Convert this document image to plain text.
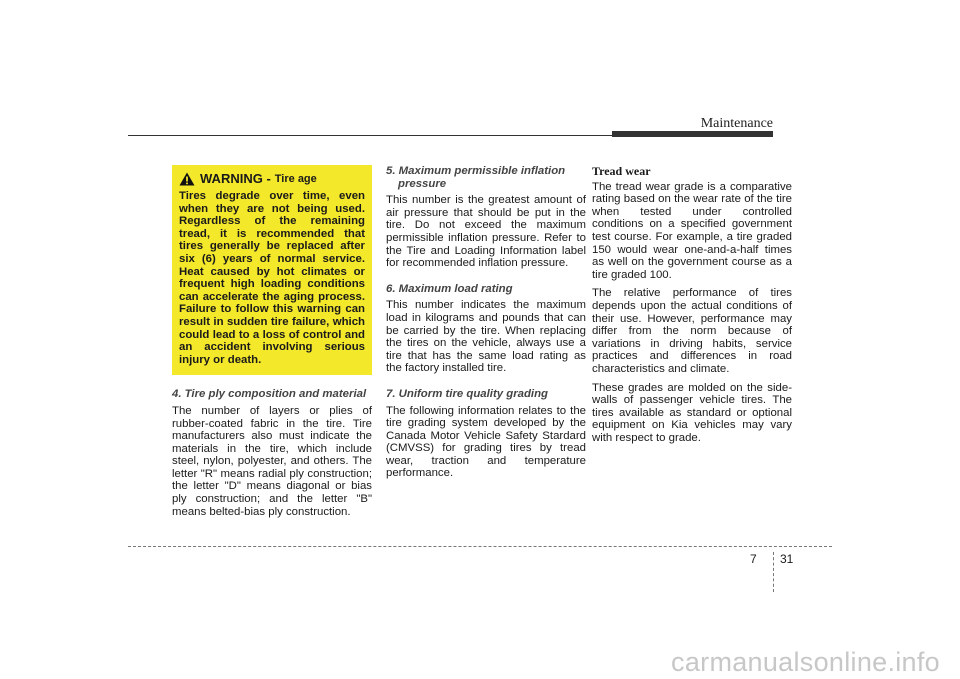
Maintenance
WARNING - Tire age

Tires degrade over time, even when they are not being used. Regardless of the remaining tread, it is recommended that tires generally be replaced after six (6) years of normal service. Heat caused by hot climates or frequent high loading conditions can accelerate the aging process. Failure to follow this warning can result in sudden tire failure, which could lead to a loss of control and an accident involving serious injury or death.

4. Tire ply composition and material

The number of layers or plies of rubber-coated fabric in the tire. Tire manufacturers also must indicate the materials in the tire, which include steel, nylon, polyester, and others. The letter "R" means radial ply construction; the letter "D" means diagonal or bias ply construction; and the letter "B" means belted-bias ply construction.

5. Maximum permissible inflation pressure

This number is the greatest amount of air pressure that should be put in the tire. Do not exceed the maximum permissible inflation pressure. Refer to the Tire and Loading Information label for recommended inflation pressure.

6. Maximum load rating

This number indicates the maximum load in kilograms and pounds that can be carried by the tire. When replacing the tires on the vehicle, always use a tire that has the same load rating as the factory installed tire.

7. Uniform tire quality grading

The following information relates to the tire grading system developed by the Canada Motor Vehicle Safety Stardard (CMVSS) for grading tires by tread wear, traction and temperature performance.

Tread wear

The tread wear grade is a comparative rating based on the wear rate of the tire when tested under controlled conditions on a specified government test course. For example, a tire graded 150 would wear one-and-a-half times as well on the government course as a tire graded 100.

The relative performance of tires depends upon the actual conditions of their use. However, performance may differ from the norm because of variations in driving habits, service practices and differences in road characteristics and climate.

These grades are molded on the side-walls of passenger vehicle tires. The tires available as standard or optional equipment on Kia vehicles may vary with respect to grade.

7 31
carmanualsonline.info
